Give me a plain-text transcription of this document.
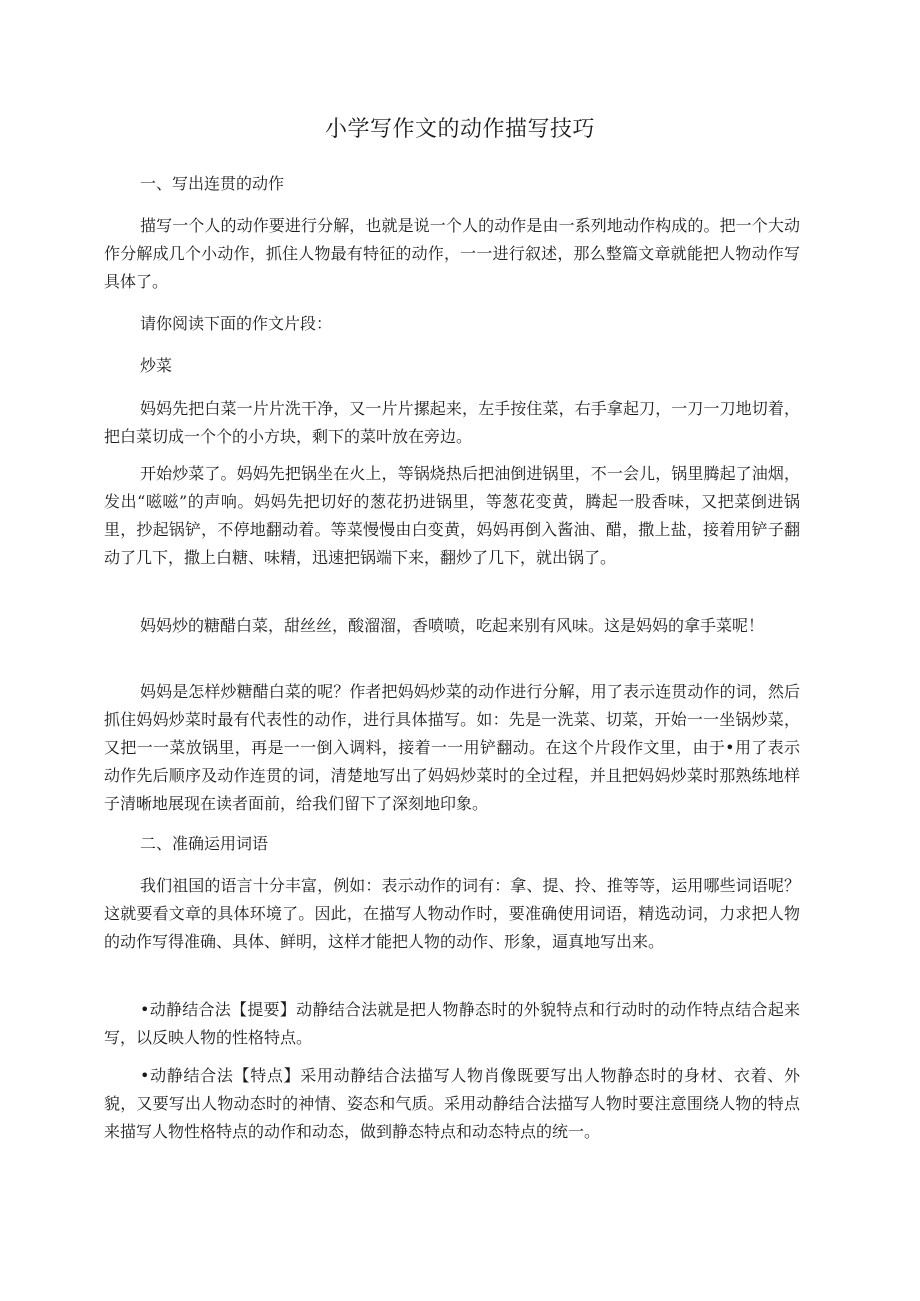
小学写作文的动作描写技巧

一、写出连贯的动作

描写一个人的动作要进行分解，也就是说一个人的动作是由一系列地动作构成的。把一个大动作分解成几个小动作，抓住人物最有特征的动作，一一进行叙述，那么整篇文章就能把人物动作写具体了。

请你阅读下面的作文片段：

炒菜

妈妈先把白菜一片片洗干净，又一片片摞起来，左手按住菜，右手拿起刀，一刀一刀地切着，把白菜切成一个个的小方块，剩下的菜叶放在旁边。

开始炒菜了。妈妈先把锅坐在火上，等锅烧热后把油倒进锅里，不一会儿，锅里腾起了油烟，发出“嗞嗞”的声响。妈妈先把切好的葱花扔进锅里，等葱花变黄，腾起一股香味，又把菜倒进锅里，抄起锅铲，不停地翻动着。等菜慢慢由白变黄，妈妈再倒入酱油、醋，撒上盐，接着用铲子翻动了几下，撒上白糖、味精，迅速把锅端下来，翻炒了几下，就出锅了。

妈妈炒的糖醋白菜，甜丝丝，酸溜溜，香喷喷，吃起来别有风味。这是妈妈的拿手菜呢！

妈妈是怎样炒糖醋白菜的呢？作者把妈妈炒菜的动作进行分解，用了表示连贯动作的词，然后抓住妈妈炒菜时最有代表性的动作，进行具体描写。如：先是一洗菜、切菜，开始一一坐锅炒菜，又把一一菜放锅里，再是一一倒入调料，接着一一用铲翻动。在这个片段作文里，由于•用了表示动作先后顺序及动作连贯的词，清楚地写出了妈妈炒菜时的全过程，并且把妈妈炒菜时那熟练地样子清晰地展现在读者面前，给我们留下了深刻地印象。

二、准确运用词语

我们祖国的语言十分丰富，例如：表示动作的词有：拿、提、拎、推等等，运用哪些词语呢？这就要看文章的具体环境了。因此，在描写人物动作时，要准确使用词语，精选动词，力求把人物的动作写得准确、具体、鲜明，这样才能把人物的动作、形象，逼真地写出来。

•动静结合法【提要】动静结合法就是把人物静态时的外貌特点和行动时的动作特点结合起来写，以反映人物的性格特点。

•动静结合法【特点】采用动静结合法描写人物肖像既要写出人物静态时的身材、衣着、外貌，又要写出人物动态时的神情、姿态和气质。采用动静结合法描写人物时要注意围绕人物的特点来描写人物性格特点的动作和动态，做到静态特点和动态特点的统一。
